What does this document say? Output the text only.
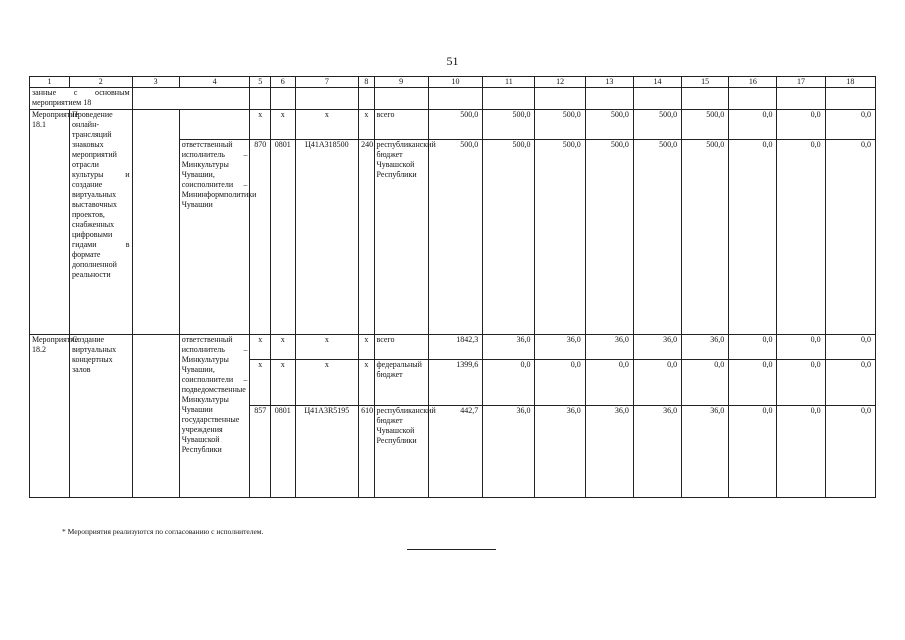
51
1	2	3	4	5	6	7	8	9	10	11	12	13	14	15	16	17	18
занные с основным мероприятием 18																	
Мероприятие 18.1	Проведение онлайн-трансляций знаковых мероприятий отрасли культуры и создание виртуальных выставочных проектов, снабженных цифровыми гидами в формате дополненной реальности			x	x	x	x	всего	500,0	500,0	500,0	500,0	500,0	500,0	0,0	0,0	0,0
			ответственный исполнитель – Минкультуры Чувашии, соисполнители – Мининформполитики Чувашии	870	0801	Ц41А318500	240	республиканский бюджет Чувашской Республики	500,0	500,0	500,0	500,0	500,0	500,0	0,0	0,0	0,0
Мероприятие 18.2	Создание виртуальных концертных залов		ответственный исполнитель – Минкультуры Чувашии, соисполнители – подведомственные Минкультуры Чувашии государственные учреждения Чувашской Республики	x	x	x	x	всего	1842,3	36,0	36,0	36,0	36,0	36,0	0,0	0,0	0,0
				x	x	x	x	федеральный бюджет	1399,6	0,0	0,0	0,0	0,0	0,0	0,0	0,0	0,0
				857	0801	Ц41А3R5195	610	республиканский бюджет Чувашской Республики	442,7	36,0	36,0	36,0	36,0	36,0	0,0	0,0	0,0
* Мероприятия реализуются по согласованию с исполнителем.
